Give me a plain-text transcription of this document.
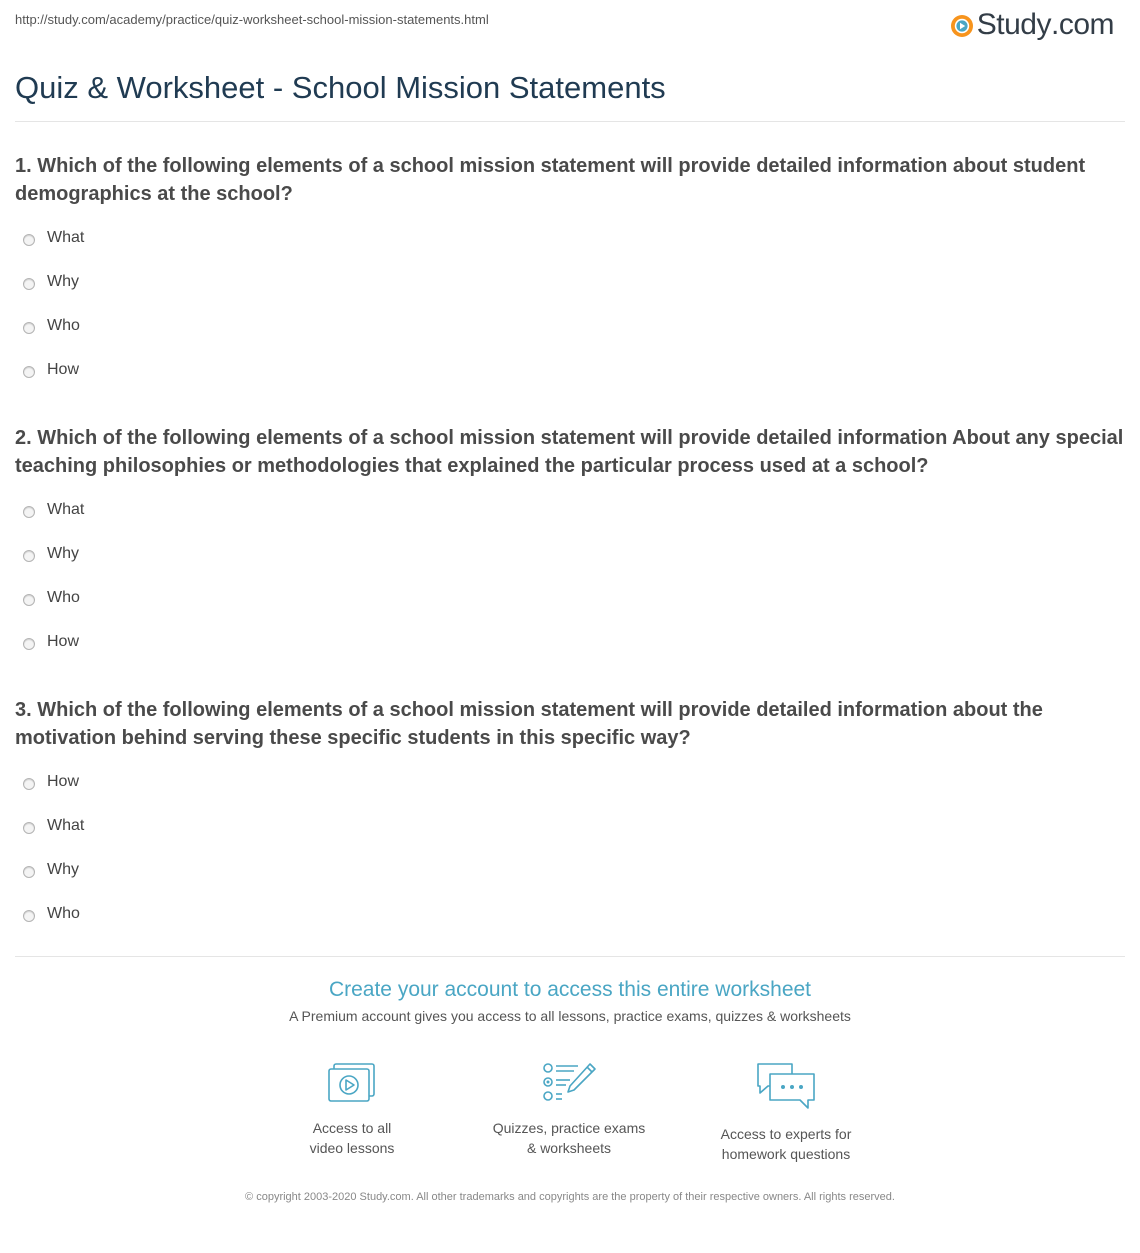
http://study.com/academy/practice/quiz-worksheet-school-mission-statements.html	Study .com
Quiz & Worksheet - School Mission Statements
1. Which of the following elements of a school mission statement will provide detailed information about student demographics at the school?
What
Why
Who
How
2. Which of the following elements of a school mission statement will provide detailed information About any special teaching philosophies or methodologies that explained the particular process used at a school?
What
Why
Who
How
3. Which of the following elements of a school mission statement will provide detailed information about the motivation behind serving these specific students in this specific way?
How
What
Why
Who
Create your account to access this entire worksheet
A Premium account gives you access to all lessons, practice exams, quizzes & worksheets
Access to all
video lessons
Quizzes, practice exams
& worksheets
Access to experts for
homework questions
© copyright 2003-2020 Study.com. All other trademarks and copyrights are the property of their respective owners. All rights reserved.
